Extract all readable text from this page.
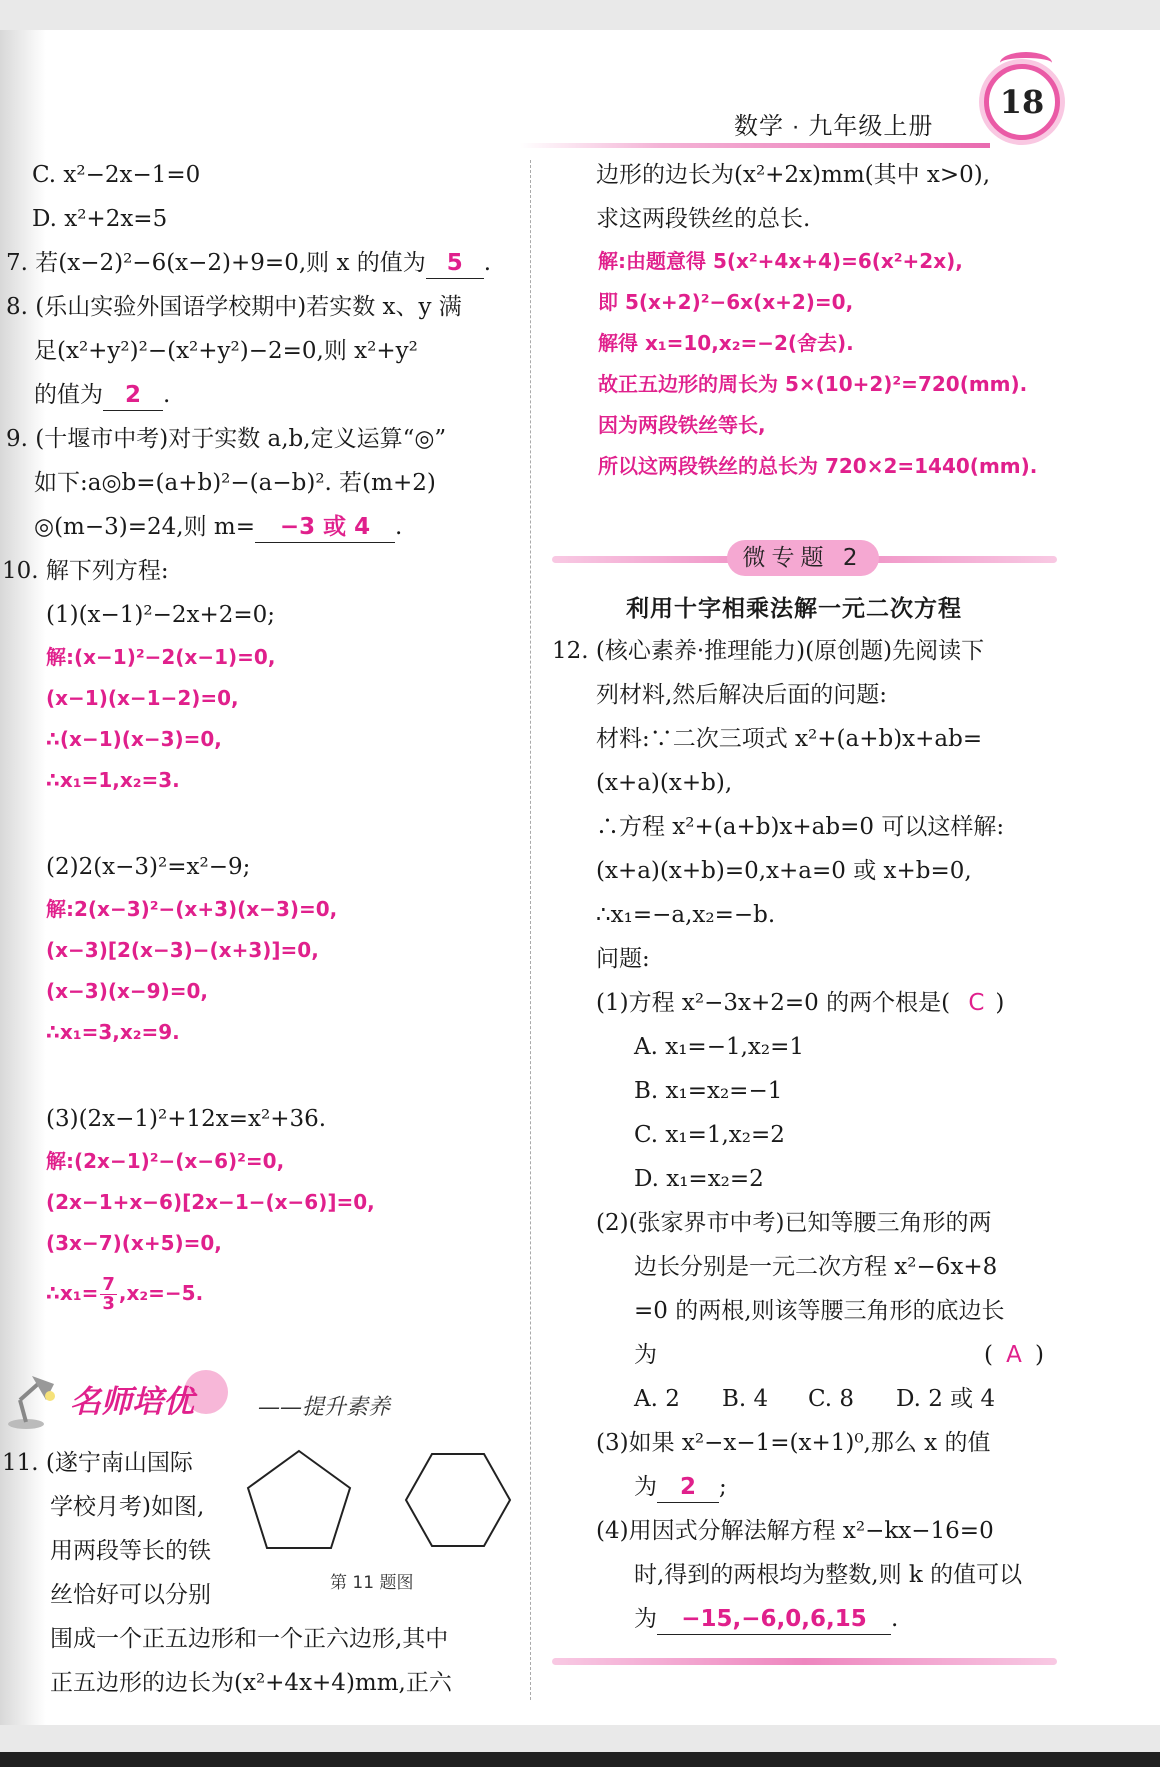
数学 · 九年级上册
18
C. x²−2x−1=0
D. x²+2x=5
7. 若(x−2)²−6(x−2)+9=0,则 x 的值为 5 .
8. (乐山实验外国语学校期中)若实数 x、y 满
足(x²+y²)²−(x²+y²)−2=0,则 x²+y²
的值为 2 .
9. (十堰市中考)对于实数 a,b,定义运算“◎”
如下:a◎b=(a+b)²−(a−b)². 若(m+2)
◎(m−3)=24,则 m= −3 或 4 .
10. 解下列方程:
(1)(x−1)²−2x+2=0;
解:(x−1)²−2(x−1)=0,
(x−1)(x−1−2)=0,
∴(x−1)(x−3)=0,
∴x₁=1,x₂=3.
(2)2(x−3)²=x²−9;
解:2(x−3)²−(x+3)(x−3)=0,
(x−3)[2(x−3)−(x+3)]=0,
(x−3)(x−9)=0,
∴x₁=3,x₂=9.
(3)(2x−1)²+12x=x²+36.
解:(2x−1)²−(x−6)²=0,
(2x−1+x−6)[2x−1−(x−6)]=0,
(3x−7)(x+5)=0,
∴x₁= $\frac{7}{3} ,x_2=-5$.
名师培优	——提升素养
11. (遂宁南山国际
学校月考)如图,
用两段等长的铁
丝恰好可以分别
围成一个正五边形和一个正六边形,其中
正五边形的边长为(x²+4x+4)mm,正六
第 11 题图
边形的边长为(x²+2x)mm(其中 x>0),
求这两段铁丝的总长.
解:由题意得 5(x²+4x+4)=6(x²+2x),
即 5(x+2)²−6x(x+2)=0,
解得 x₁=10,x₂=−2(舍去).
故正五边形的周长为 5×(10+2)²=720(mm).
因为两段铁丝等长,
所以这两段铁丝的总长为 720×2=1440(mm).
微专题 2
利用十字相乘法解一元二次方程
12. (核心素养·推理能力)(原创题)先阅读下
列材料,然后解决后面的问题:
材料:∵二次三项式 x²+(a+b)x+ab=
(x+a)(x+b),
∴方程 x²+(a+b)x+ab=0 可以这样解:
(x+a)(x+b)=0,x+a=0 或 x+b=0,
∴x₁=−a,x₂=−b.
问题:
(1)方程 x²−3x+2=0 的两个根是( C )
A. x₁=−1,x₂=1
B. x₁=x₂=−1
C. x₁=1,x₂=2
D. x₁=x₂=2
(2)(张家界市中考)已知等腰三角形的两
边长分别是一元二次方程 x²−6x+8
=0 的两根,则该等腰三角形的底边长
为	( A )
A. 2 B. 4 C. 8 D. 2 或 4
(3)如果 x²−x−1=(x+1)⁰,那么 x 的值
为 2 ;
(4)用因式分解法解方程 x²−kx−16=0
时,得到的两根均为整数,则 k 的值可以
为 −15,−6,0,6,15 .
